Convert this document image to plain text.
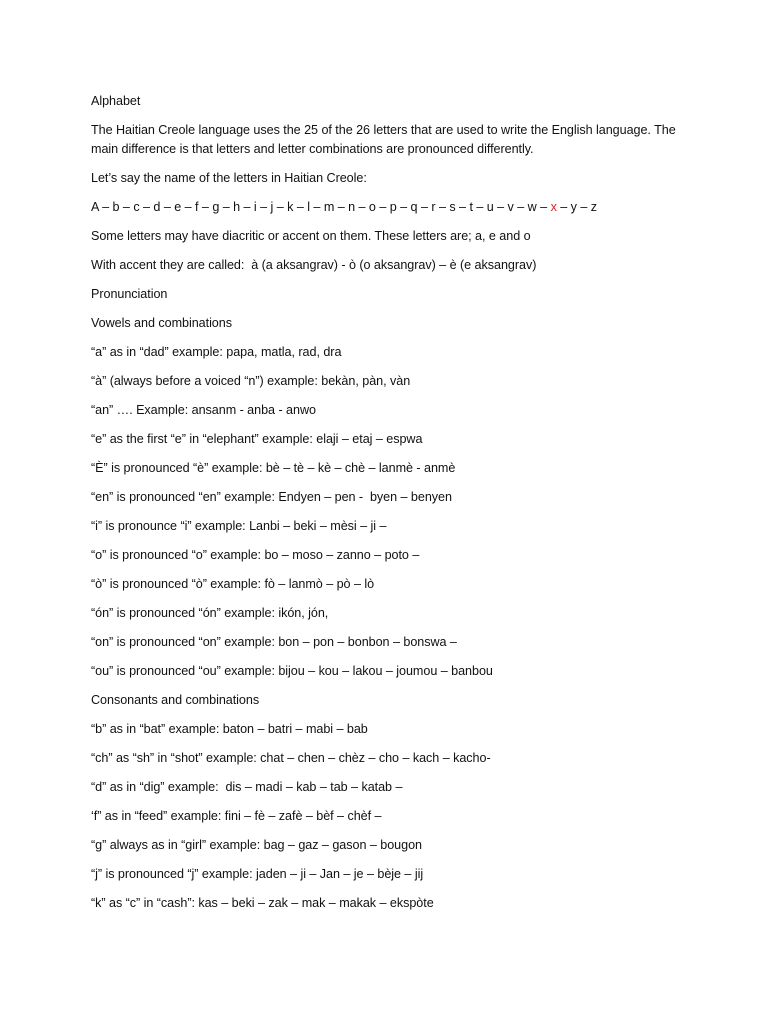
Alphabet
The Haitian Creole language uses the 25 of the 26 letters that are used to write the English language. The main difference is that letters and letter combinations are pronounced differently.
Let’s say the name of the letters in Haitian Creole:
A – b – c – d – e – f – g – h – i – j – k – l – m – n – o – p – q – r – s – t – u – v – w – x – y – z
Some letters may have diacritic or accent on them. These letters are; a, e and o
With accent they are called:  à (a aksangrav) - ò (o aksangrav) – è (e aksangrav)
Pronunciation
Vowels and combinations
“a” as in “dad” example: papa, matla, rad, dra
“à” (always before a voiced “n”) example: bekàn, pàn, vàn
“an” …. Example: ansanm - anba - anwo
“e” as the first “e” in “elephant” example: elaji – etaj – espwa
“È” is pronounced “è” example: bè – tè – kè – chè – lanmè - anmè
“en” is pronounced “en” example: Endyen – pen -  byen – benyen
“i” is pronounce “i” example: Lanbi – beki – mèsi – ji –
“o” is pronounced “o” example: bo – moso – zanno – poto –
“ò” is pronounced “ò” example: fò – lanmò – pò – lò
“ón” is pronounced “ón” example: ikón, jón,
“on” is pronounced “on” example: bon – pon – bonbon – bonswa –
“ou” is pronounced “ou” example: bijou – kou – lakou – joumou – banbou
Consonants and combinations
“b” as in “bat” example: baton – batri – mabi – bab
“ch” as “sh” in “shot” example: chat – chen – chèz – cho – kach – kacho-
“d” as in “dig” example:  dis – madi – kab – tab – katab –
‘f” as in “feed” example: fini – fè – zafè – bèf – chèf –
“g” always as in “girl” example: bag – gaz – gason – bougon
“j” is pronounced “j” example: jaden – ji – Jan – je – bèje – jij
“k” as “c” in “cash”: kas – beki – zak – mak – makak – ekspòte
